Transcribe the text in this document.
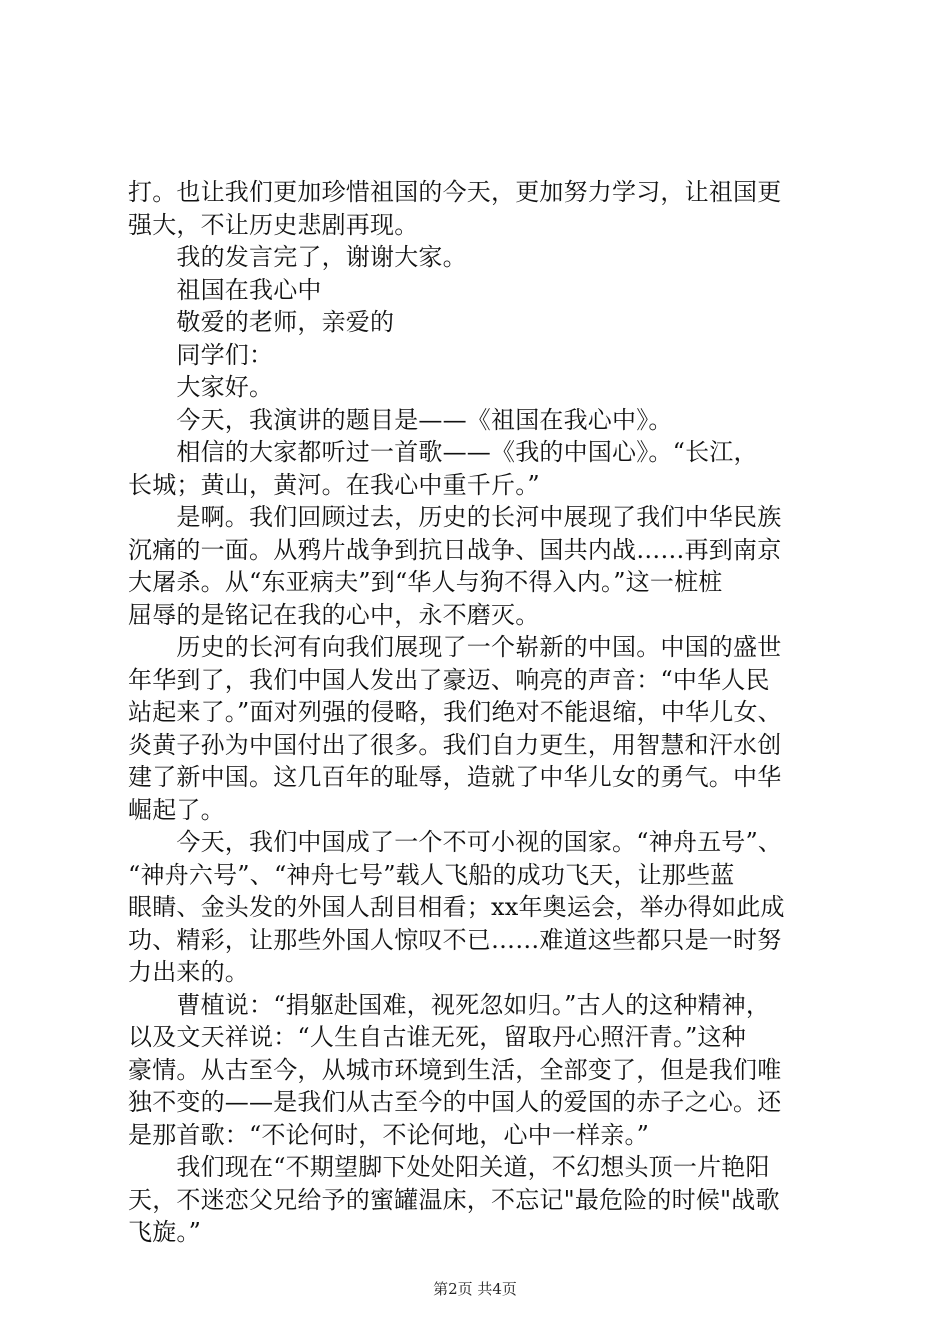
打。也让我们更加珍惜祖国的今天，更加努力学习，让祖国更
强大，不让历史悲剧再现。
　　我的发言完了，谢谢大家。
　　祖国在我心中
　　敬爱的老师，亲爱的
　　同学们：
　　大家好。
　　今天，我演讲的题目是——《祖国在我心中》。
　　相信的大家都听过一首歌——《我的中国心》。“长江，
长城；黄山，黄河。在我心中重千斤。”
　　是啊。我们回顾过去，历史的长河中展现了我们中华民族
沉痛的一面。从鸦片战争到抗日战争、国共内战……再到南京
大屠杀。从“东亚病夫”到“华人与狗不得入内。”这一桩桩
屈辱的是铭记在我的心中，永不磨灭。
　　历史的长河有向我们展现了一个崭新的中国。中国的盛世
年华到了，我们中国人发出了豪迈、响亮的声音：“中华人民
站起来了。”面对列强的侵略，我们绝对不能退缩，中华儿女、
炎黄子孙为中国付出了很多。我们自力更生，用智慧和汗水创
建了新中国。这几百年的耻辱，造就了中华儿女的勇气。中华
崛起了。
　　今天，我们中国成了一个不可小视的国家。“神舟五号”、
“神舟六号”、“神舟七号”载人飞船的成功飞天，让那些蓝
眼睛、金头发的外国人刮目相看；xx年奥运会，举办得如此成
功、精彩，让那些外国人惊叹不已……难道这些都只是一时努
力出来的。
　　曹植说：“捐躯赴国难，视死忽如归。”古人的这种精神，
以及文天祥说：“人生自古谁无死，留取丹心照汗青。”这种
豪情。从古至今，从城市环境到生活，全部变了，但是我们唯
独不变的——是我们从古至今的中国人的爱国的赤子之心。还
是那首歌：“不论何时，不论何地，心中一样亲。”
　　我们现在“不期望脚下处处阳关道，不幻想头顶一片艳阳
天，不迷恋父兄给予的蜜罐温床，不忘记"最危险的时候"战歌
飞旋。”
第2页 共4页
